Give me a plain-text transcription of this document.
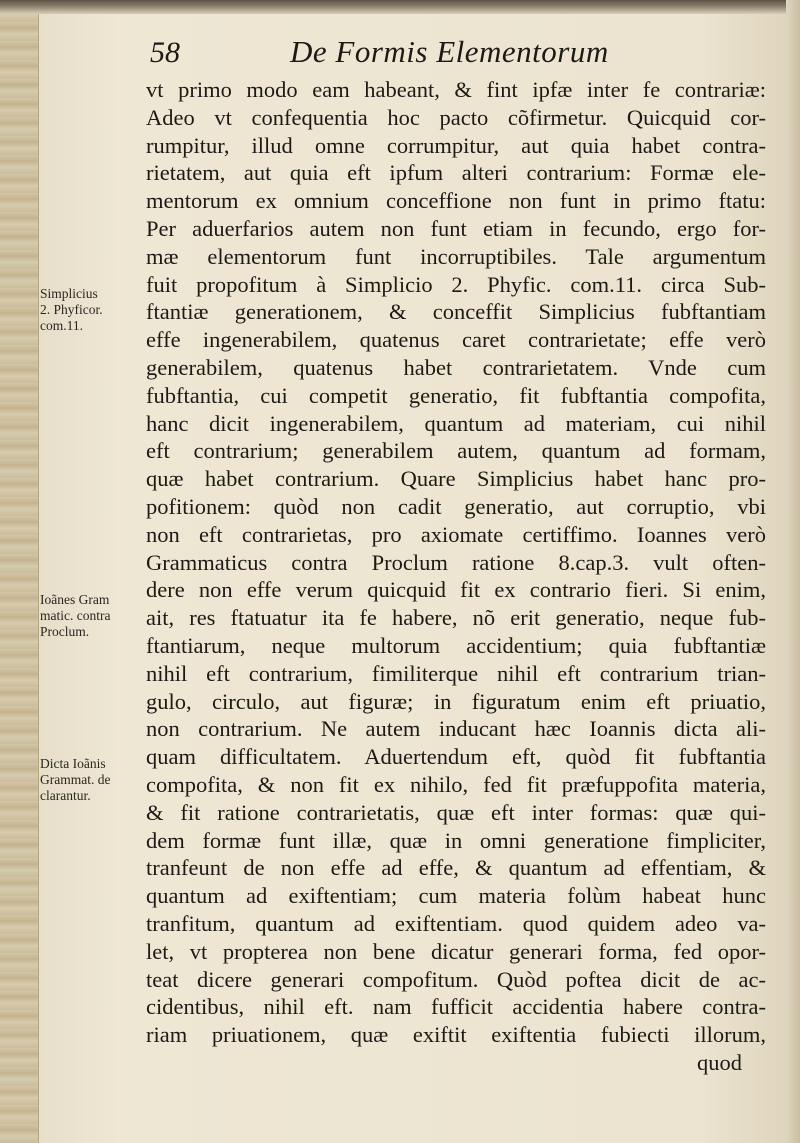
58	De Formis Elementorum
Simplicius
2. Phyficor.
com.11.
Ioãnes Gram
matic. contra
Proclum.
Dicta Ioãnis
Grammat. de
clarantur.
vt primo modo eam habeant, & fint ipfæ inter fe contrariæ:
Adeo vt confequentia hoc pacto cõfirmetur. Quicquid cor-
rumpitur, illud omne corrumpitur, aut quia habet contra-
rietatem, aut quia eft ipfum alteri contrarium: Formæ ele-
mentorum ex omnium conceffione non funt in primo ftatu:
Per aduerfarios autem non funt etiam in fecundo, ergo for-
mæ elementorum funt incorruptibiles. Tale argumentum
fuit propofitum à Simplicio 2. Phyfic. com.11. circa Sub-
ftantiæ generationem, & conceffit Simplicius fubftantiam
effe ingenerabilem, quatenus caret contrarietate; effe verò
generabilem, quatenus habet contrarietatem. Vnde cum
fubftantia, cui competit generatio, fit fubftantia compofita,
hanc dicit ingenerabilem, quantum ad materiam, cui nihil
eft contrarium; generabilem autem, quantum ad formam,
quæ habet contrarium. Quare Simplicius habet hanc pro-
pofitionem: quòd non cadit generatio, aut corruptio, vbi
non eft contrarietas, pro axiomate certiffimo. Ioannes verò
Grammaticus contra Proclum ratione 8.cap.3. vult often-
dere non effe verum quicquid fit ex contrario fieri. Si enim,
ait, res ftatuatur ita fe habere, nõ erit generatio, neque fub-
ftantiarum, neque multorum accidentium; quia fubftantiæ
nihil eft contrarium, fimiliterque nihil eft contrarium trian-
gulo, circulo, aut figuræ; in figuratum enim eft priuatio,
non contrarium. Ne autem inducant hæc Ioannis dicta ali-
quam difficultatem. Aduertendum eft, quòd fit fubftantia
compofita, & non fit ex nihilo, fed fit præfuppofita materia,
& fit ratione contrarietatis, quæ eft inter formas: quæ qui-
dem formæ funt illæ, quæ in omni generatione fimpliciter,
tranfeunt de non effe ad effe, & quantum ad effentiam, &
quantum ad exiftentiam; cum materia folùm habeat hunc
tranfitum, quantum ad exiftentiam. quod quidem adeo va-
let, vt propterea non bene dicatur generari forma, fed opor-
teat dicere generari compofitum. Quòd poftea dicit de ac-
cidentibus, nihil eft. nam fufficit accidentia habere contra-
riam priuationem, quæ exiftit exiftentia fubiecti illorum,
quod
